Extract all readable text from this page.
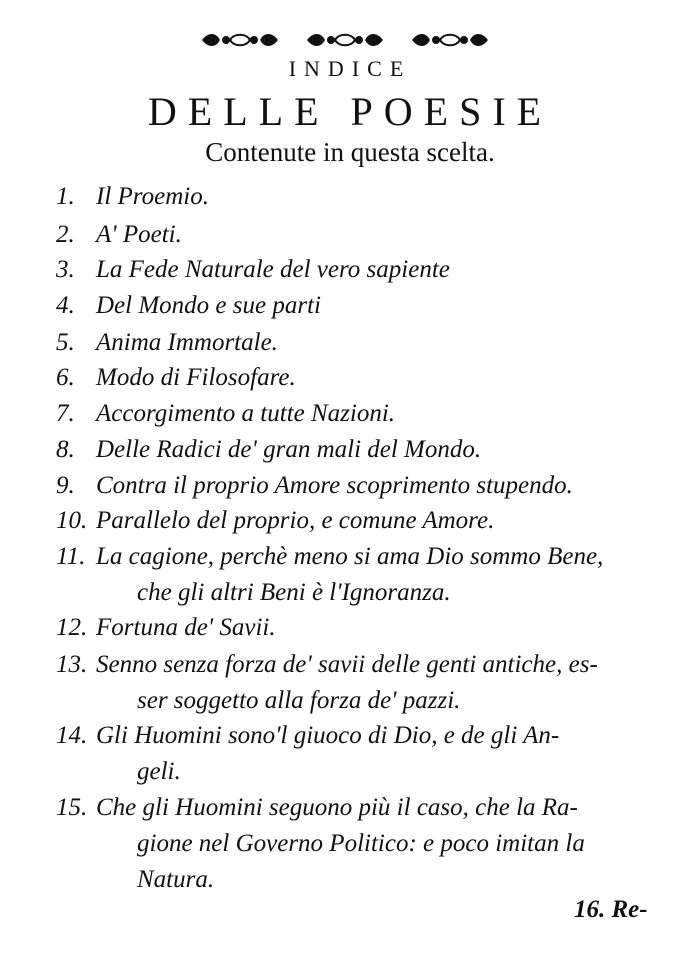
INDICE
DELLE POESIE
Contenute in questa scelta.
1. Il Proemio.
2. A' Poeti.
3. La Fede Naturale del vero sapiente
4. Del Mondo e sue parti
5. Anima Immortale.
6. Modo di Filosofare.
7. Accorgimento a tutte Nazioni.
8. Delle Radici de' gran mali del Mondo.
9. Contra il proprio Amore scoprimento stupendo.
10. Parallelo del proprio, e comune Amore.
11. La cagione, perchè meno si ama Dio sommo Bene,
che gli altri Beni è l'Ignoranza.
12. Fortuna de' Savii.
13. Senno senza forza de' savii delle genti antiche, es-
ser soggetto alla forza de' pazzi.
14. Gli Huomini sono'l giuoco di Dio, e de gli An-
geli.
15. Che gli Huomini seguono più il caso, che la Ra-
gione nel Governo Politico: e poco imitan la
Natura.
16. Re-
